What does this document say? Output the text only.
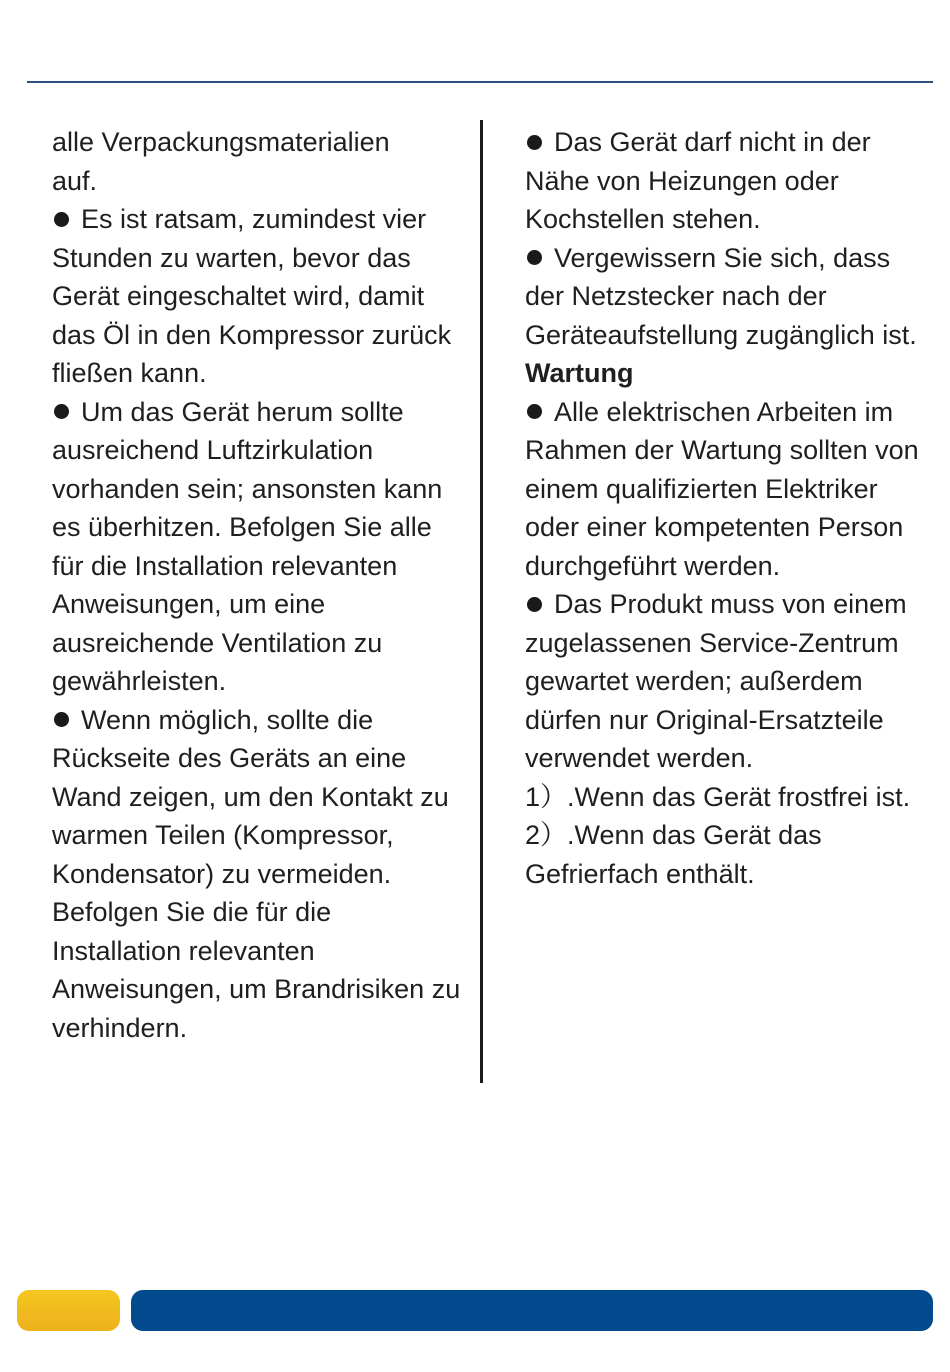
alle Verpackungsmaterialien auf.

Es ist ratsam, zumindest vier Stunden zu warten, bevor das Gerät eingeschaltet wird, damit das Öl in den Kompressor zurück fließen kann.

Um das Gerät herum sollte ausreichend Luftzirkulation vorhanden sein; ansonsten kann es überhitzen. Befolgen Sie alle für die Installation relevanten Anweisungen, um eine ausreichende Ventilation zu gewährleisten.

Wenn möglich, sollte die Rückseite des Geräts an eine Wand zeigen, um den Kontakt zu warmen Teilen (Kompressor, Kondensator) zu vermeiden. Befolgen Sie die für die Installation relevanten Anweisungen, um Brandrisiken zu verhindern.

Das Gerät darf nicht in der Nähe von Heizungen oder Kochstellen stehen.

Vergewissern Sie sich, dass der Netzstecker nach der Geräteaufstellung zugänglich ist.

Wartung

Alle elektrischen Arbeiten im Rahmen der Wartung sollten von einem qualifizierten Elektriker oder einer kompetenten Person durchgeführt werden.

Das Produkt muss von einem zugelassenen Service-Zentrum gewartet werden; außerdem

dürfen nur Original-Ersatzteile verwendet werden.

1）.Wenn das Gerät frostfrei ist.

2）.Wenn das Gerät das Gefrierfach enthält.
